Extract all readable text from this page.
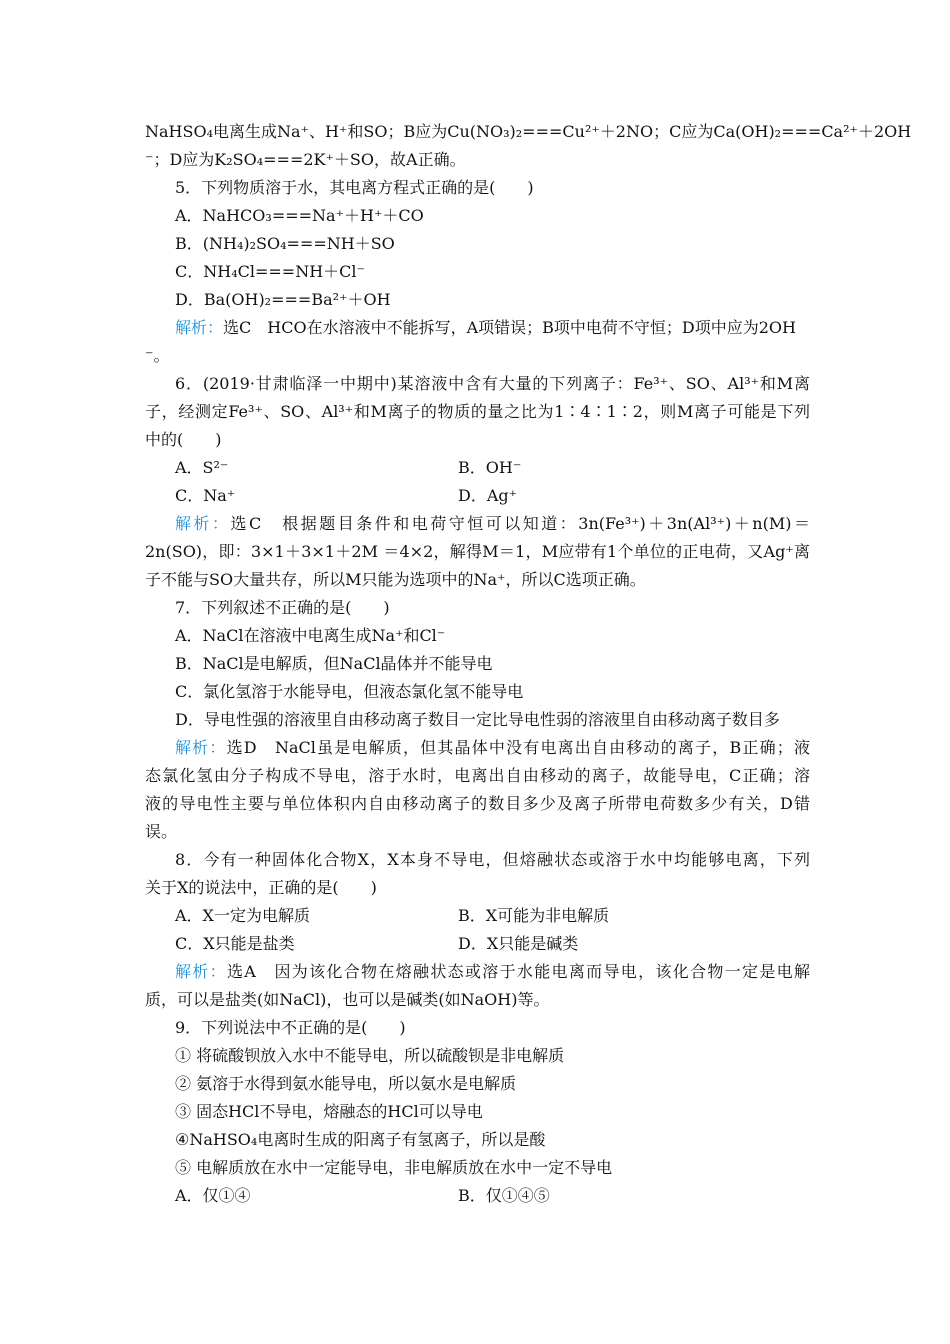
NaHSO₄电离生成Na⁺、H⁺和SO；B应为Cu(NO₃)₂===Cu²⁺＋2NO；C应为Ca(OH)₂===Ca²⁺＋2OH
⁻；D应为K₂SO₄===2K⁺＋SO，故A正确。
5．下列物质溶于水，其电离方程式正确的是(　　)
A．NaHCO₃===Na⁺＋H⁺＋CO
B．(NH₄)₂SO₄===NH＋SO
C．NH₄Cl===NH＋Cl⁻
D．Ba(OH)₂===Ba²⁺＋OH
解析：选C　HCO在水溶液中不能拆写，A项错误；B项中电荷不守恒；D项中应为2OH
⁻。
6．(2019·甘肃临泽一中期中)某溶液中含有大量的下列离子：Fe³⁺、SO、Al³⁺和M离
子，经测定Fe³⁺、SO、Al³⁺和M离子的物质的量之比为1∶4∶1∶2，则M离子可能是下列
中的(　　)
A．S²⁻	B．OH⁻
C．Na⁺	D．Ag⁺
解析：选C　根据题目条件和电荷守恒可以知道：3n(Fe³⁺)＋3n(Al³⁺)＋n(M)＝
2n(SO)，即：3×1＋3×1＋2M ＝4×2，解得M＝1，M应带有1个单位的正电荷，又Ag⁺离
子不能与SO大量共存，所以M只能为选项中的Na⁺，所以C选项正确。
7．下列叙述不正确的是(　　)
A．NaCl在溶液中电离生成Na⁺和Cl⁻
B．NaCl是电解质，但NaCl晶体并不能导电
C．氯化氢溶于水能导电，但液态氯化氢不能导电
D．导电性强的溶液里自由移动离子数目一定比导电性弱的溶液里自由移动离子数目多
解析：选D　NaCl虽是电解质，但其晶体中没有电离出自由移动的离子，B正确；液
态氯化氢由分子构成不导电，溶于水时，电离出自由移动的离子，故能导电，C正确；溶
液的导电性主要与单位体积内自由移动离子的数目多少及离子所带电荷数多少有关，D错
误。
8．今有一种固体化合物X，X本身不导电，但熔融状态或溶于水中均能够电离，下列
关于X的说法中，正确的是(　　)
A．X一定为电解质	B．X可能为非电解质
C．X只能是盐类	D．X只能是碱类
解析：选A　因为该化合物在熔融状态或溶于水能电离而导电，该化合物一定是电解
质，可以是盐类(如NaCl)，也可以是碱类(如NaOH)等。
9．下列说法中不正确的是(　　)
① 将硫酸钡放入水中不能导电，所以硫酸钡是非电解质
② 氨溶于水得到氨水能导电，所以氨水是电解质
③ 固态HCl不导电，熔融态的HCl可以导电
④NaHSO₄电离时生成的阳离子有氢离子，所以是酸
⑤ 电解质放在水中一定能导电，非电解质放在水中一定不导电
A．仅①④	B．仅①④⑤
